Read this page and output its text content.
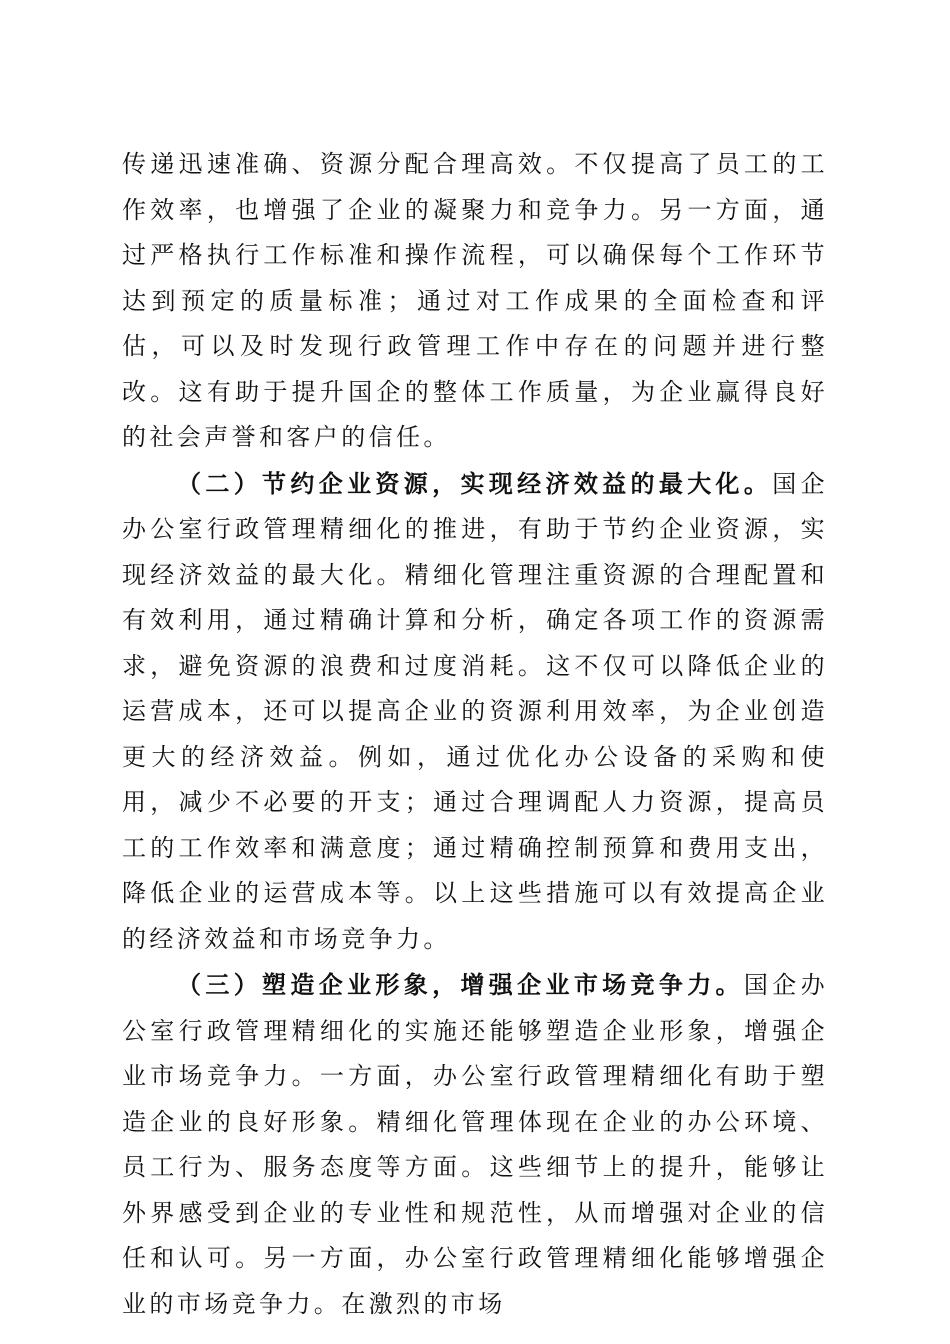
传递迅速准确、资源分配合理高效。不仅提高了员工的工作效率，也增强了企业的凝聚力和竞争力。另一方面，通过严格执行工作标准和操作流程，可以确保每个工作环节达到预定的质量标准；通过对工作成果的全面检查和评估，可以及时发现行政管理工作中存在的问题并进行整改。这有助于提升国企的整体工作质量，为企业赢得良好的社会声誉和客户的信任。

（二）节约企业资源，实现经济效益的最大化。国企办公室行政管理精细化的推进，有助于节约企业资源，实现经济效益的最大化。精细化管理注重资源的合理配置和有效利用，通过精确计算和分析，确定各项工作的资源需求，避免资源的浪费和过度消耗。这不仅可以降低企业的运营成本，还可以提高企业的资源利用效率，为企业创造更大的经济效益。例如，通过优化办公设备的采购和使用，减少不必要的开支；通过合理调配人力资源，提高员工的工作效率和满意度；通过精确控制预算和费用支出，降低企业的运营成本等。以上这些措施可以有效提高企业的经济效益和市场竞争力。

（三）塑造企业形象，增强企业市场竞争力。国企办公室行政管理精细化的实施还能够塑造企业形象，增强企业市场竞争力。一方面，办公室行政管理精细化有助于塑造企业的良好形象。精细化管理体现在企业的办公环境、员工行为、服务态度等方面。这些细节上的提升，能够让外界感受到企业的专业性和规范性，从而增强对企业的信任和认可。另一方面，办公室行政管理精细化能够增强企业的市场竞争力。在激烈的市场
